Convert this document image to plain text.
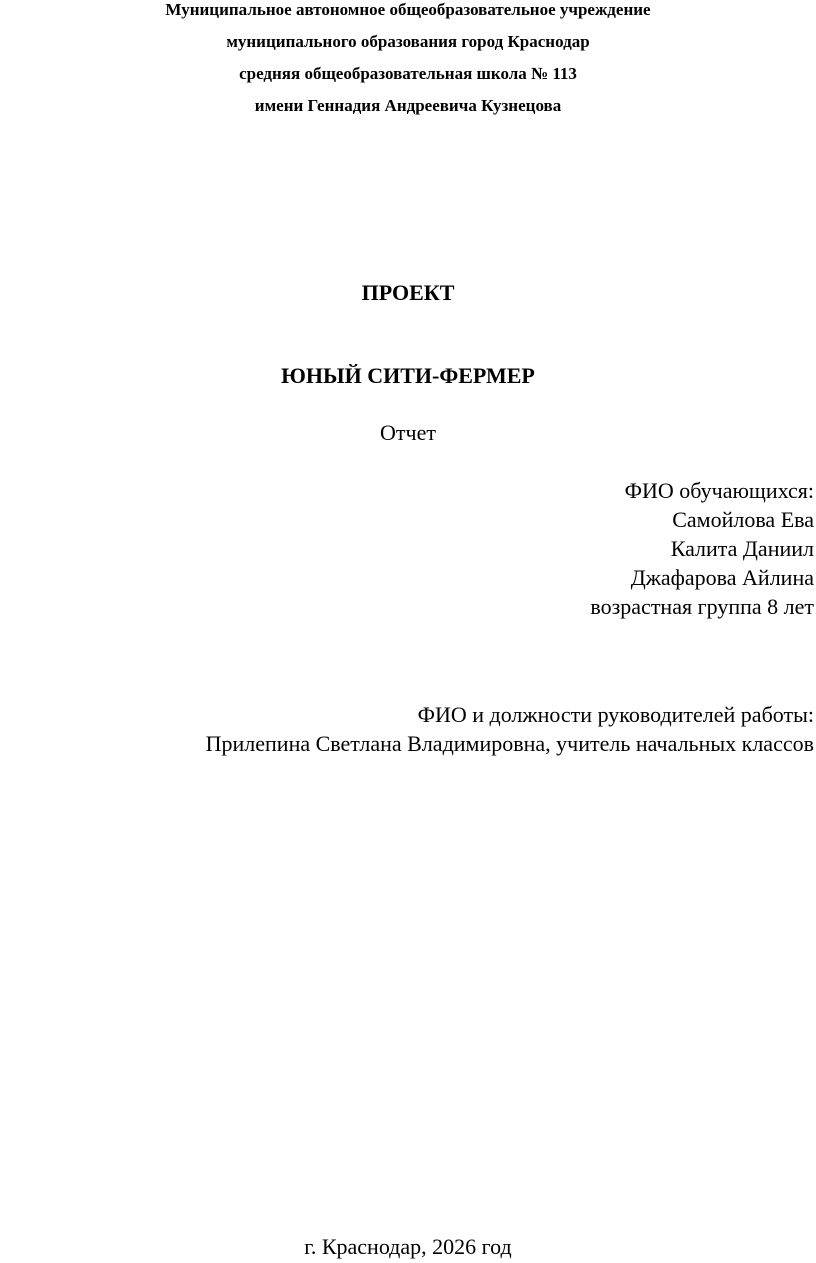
Муниципальное автономное общеобразовательное учреждение
муниципального образования город Краснодар
средняя общеобразовательная школа № 113
имени Геннадия Андреевича Кузнецова
ПРОЕКТ
ЮНЫЙ СИТИ-ФЕРМЕР
Отчет
ФИО обучающихся:
Самойлова Ева
Калита Даниил
Джафарова Айлина
возрастная группа 8 лет
ФИО и должности руководителей работы:
Прилепина Светлана Владимировна, учитель начальных классов
г. Краснодар, 2026 год
